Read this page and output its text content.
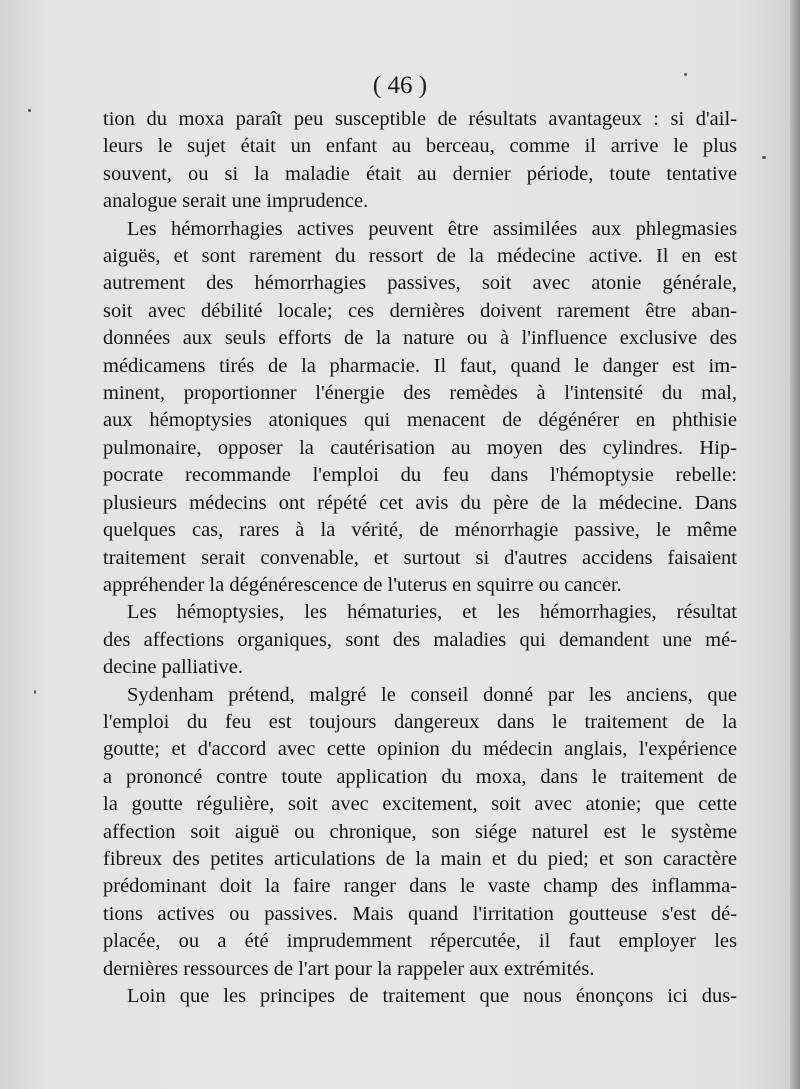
( 46 )

tion du moxa paraît peu susceptible de résultats avantageux : si d'ail-
leurs le sujet était un enfant au berceau, comme il arrive le plus
souvent, ou si la maladie était au dernier période, toute tentative
analogue serait une imprudence.

Les hémorrhagies actives peuvent être assimilées aux phlegmasies
aiguës, et sont rarement du ressort de la médecine active. Il en est
autrement des hémorrhagies passives, soit avec atonie générale,
soit avec débilité locale; ces dernières doivent rarement être aban-
données aux seuls efforts de la nature ou à l'influence exclusive des
médicamens tirés de la pharmacie. Il faut, quand le danger est im-
minent, proportionner l'énergie des remèdes à l'intensité du mal,
aux hémoptysies atoniques qui menacent de dégénérer en phthisie
pulmonaire, opposer la cautérisation au moyen des cylindres. Hip-
pocrate recommande l'emploi du feu dans l'hémoptysie rebelle:
plusieurs médecins ont répété cet avis du père de la médecine. Dans
quelques cas, rares à la vérité, de ménorrhagie passive, le même
traitement serait convenable, et surtout si d'autres accidens faisaient
appréhender la dégénérescence de l'uterus en squirre ou cancer.

Les hémoptysies, les hématuries, et les hémorrhagies, résultat
des affections organiques, sont des maladies qui demandent une mé-
decine palliative.

Sydenham prétend, malgré le conseil donné par les anciens, que
l'emploi du feu est toujours dangereux dans le traitement de la
goutte; et d'accord avec cette opinion du médecin anglais, l'expérience
a prononcé contre toute application du moxa, dans le traitement de
la goutte régulière, soit avec excitement, soit avec atonie; que cette
affection soit aiguë ou chronique, son siége naturel est le système
fibreux des petites articulations de la main et du pied; et son caractère
prédominant doit la faire ranger dans le vaste champ des inflamma-
tions actives ou passives. Mais quand l'irritation goutteuse s'est dé-
placée, ou a été imprudemment répercutée, il faut employer les
dernières ressources de l'art pour la rappeler aux extrémités.

Loin que les principes de traitement que nous énonçons ici dus-
